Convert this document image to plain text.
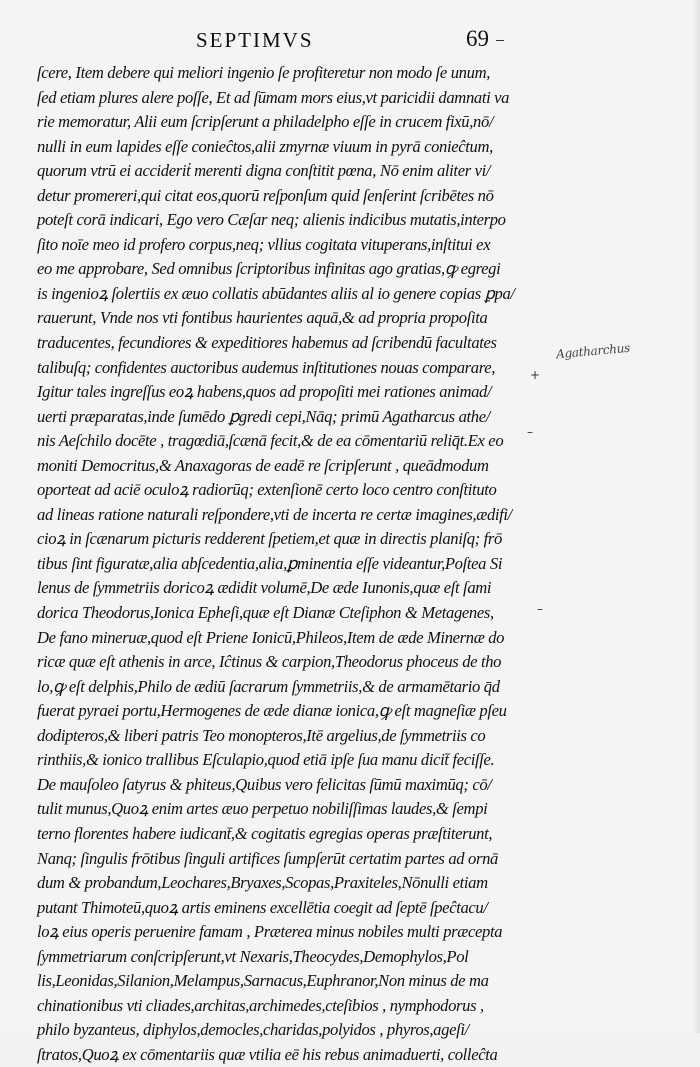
SEPTIMVS	69
ſcere, Item debere qui meliori ingenio ſe profiteretur non modo ſe unum,
ſed etiam plures alere poſſe, Et ad ſūmam mors eius,vt paricidii damnati va
rie memoratur, Alii eum ſcripſerunt a philadelpho eſſe in crucem fixū,nō/
nulli in eum lapides eſſe conieĉtos,alii zmyrnæ viuum in pyrā conieĉtum,
quorum vtrū ei accideriṫ merenti digna conſtitit pœna, Nō enim aliter vi/
detur promereri,qui citat eos,quorū reſponſum quid ſenſerint ſcribētes nō
poteſt corā indicari, Ego vero Cæſar neq; alienis indicibus mutatis,interpo
ſito noīe meo id profero corpus,neq; vllius cogitata vituperans,inſtitui ex
eo me approbare, Sed omnibus ſcriptoribus infinitas ago gratias,ꝙ egregi
is ingenioꝝ ſolertiis ex æuo collatis abūdantes aliis al io genere copias ꝑpa/
rauerunt, Vnde nos vti fontibus haurientes aquā,& ad propria propoſita
traducentes, fecundiores & expeditiores habemus ad ſcribendū facultates
talibuſq; confidentes auctoribus audemus inſtitutiones nouas comparare,
Igitur tales ingreſſus eoꝝ habens,quos ad propoſiti mei rationes animad/
uerti præparatas,inde ſumēdo ꝑgredi cepi,Nāq; primū Agatharcus athe/
nis Aeſchilo docēte , tragœdiā,ſcænā fecit,& de ea cōmentariū reliq̄t.Ex eo
moniti Democritus,& Anaxagoras de eadē re ſcripſerunt , queādmodum
oporteat ad aciē oculoꝝ radiorūq; extenſionē certo loco centro conſtituto
ad lineas ratione naturali reſpondere,vti de incerta re certæ imagines,ædifi/
cioꝝ in ſcænarum picturis redderent ſpetiem,et quæ in directis planiſq; frō
tibus ſint figuratæ,alia abſcedentia,alia,ꝑminentia eſſe videantur,Poſtea Si
lenus de ſymmetriis doricoꝝ ædidit volumē,De æde Iunonis,quæ eſt ſami
dorica Theodorus,Ionica Epheſi,quæ eſt Dianæ Cteſiphon & Metagenes,
De fano mineruæ,quod eſt Priene Ionicū,Phileos,Item de æde Minernæ do
ricæ quæ eſt athenis in arce, Iĉtinus & carpion,Theodorus phoceus de tho
lo,ꝙ eſt delphis,Philo de ædiū ſacrarum ſymmetriis,& de armamētario q̄d
fuerat pyraei portu,Hermogenes de æde dianæ ionica,ꝙ eſt magneſiæ pſeu
dodipteros,& liberi patris Teo monopteros,Itē argelius,de ſymmetriis co
rinthiis,& ionico trallibus Eſculapio,quod etiā ipſe ſua manu dicit̄ feciſſe.
De mauſoleo ſatyrus & phiteus,Quibus vero felicitas ſūmū maximūq; cō/
tulit munus,Quoꝝ enim artes æuo perpetuo nobiliſſimas laudes,& ſempi
terno florentes habere iudicant̄,& cogitatis egregias operas præſtiterunt,
Nanq; ſingulis frōtibus ſinguli artifices ſumpſerūt certatim partes ad ornā
dum & probandum,Leochares,Bryaxes,Scopas,Praxiteles,Nōnulli etiam
putant Thimoteū,quoꝝ artis eminens excellētia coegit ad ſeptē ſpeĉtacu/
loꝝ eius operis peruenire famam , Præterea minus nobiles multi præcepta
ſymmetriarum conſcripſerunt,vt Nexaris,Theocydes,Demophylos,Pol
lis,Leonidas,Silanion,Melampus,Sarnacus,Euphranor,Non minus de ma
chinationibus vti cliades,architas,archimedes,cteſibios , nymphodorus ,
philo byzanteus, diphylos,democles,charidas,polyidos , phyros,ageſi/
ſtratos,Quoꝝ ex cōmentariis quæ vtilia eē his rebus animaduerti, colleĉta
Agatharchus
+
–
–
